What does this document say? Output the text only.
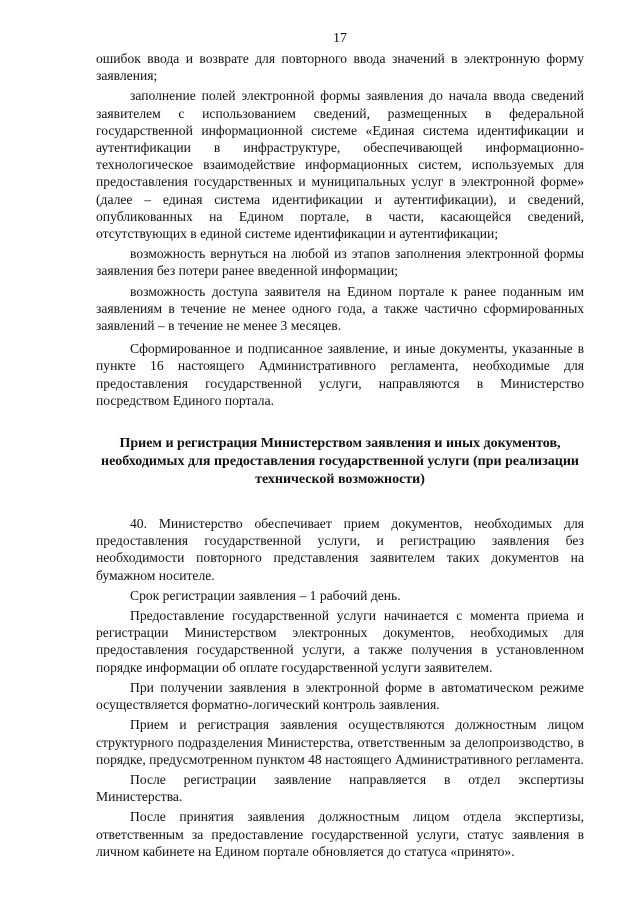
17

ошибок ввода и возврате для повторного ввода значений в электронную форму заявления;

заполнение полей электронной формы заявления до начала ввода сведений заявителем с использованием сведений, размещенных в федеральной государственной информационной системе «Единая система идентификации и аутентификации в инфраструктуре, обеспечивающей информационно-технологическое взаимодействие информационных систем, используемых для предоставления государственных и муниципальных услуг в электронной форме» (далее – единая система идентификации и аутентификации), и сведений, опубликованных на Едином портале, в части, касающейся сведений, отсутствующих в единой системе идентификации и аутентификации;

возможность вернуться на любой из этапов заполнения электронной формы заявления без потери ранее введенной информации;

возможность доступа заявителя на Едином портале к ранее поданным им заявлениям в течение не менее одного года, а также частично сформированных заявлений – в течение не менее 3 месяцев.

Сформированное и подписанное заявление, и иные документы, указанные в пункте 16 настоящего Административного регламента, необходимые для предоставления государственной услуги, направляются в Министерство посредством Единого портала.

Прием и регистрация Министерством заявления и иных документов,
необходимых для предоставления государственной услуги (при реализации
технической возможности)

40. Министерство обеспечивает прием документов, необходимых для предоставления государственной услуги, и регистрацию заявления без необходимости повторного представления заявителем таких документов на бумажном носителе.

Срок регистрации заявления – 1 рабочий день.

Предоставление государственной услуги начинается с момента приема и регистрации Министерством электронных документов, необходимых для предоставления государственной услуги, а также получения в установленном порядке информации об оплате государственной услуги заявителем.

При получении заявления в электронной форме в автоматическом режиме осуществляется форматно-логический контроль заявления.

Прием и регистрация заявления осуществляются должностным лицом структурного подразделения Министерства, ответственным за делопроизводство, в порядке, предусмотренном пунктом 48 настоящего Административного регламента.

После регистрации заявление направляется в отдел экспертизы Министерства.

После принятия заявления должностным лицом отдела экспертизы, ответственным за предоставление государственной услуги, статус заявления в личном кабинете на Едином портале обновляется до статуса «принято».
